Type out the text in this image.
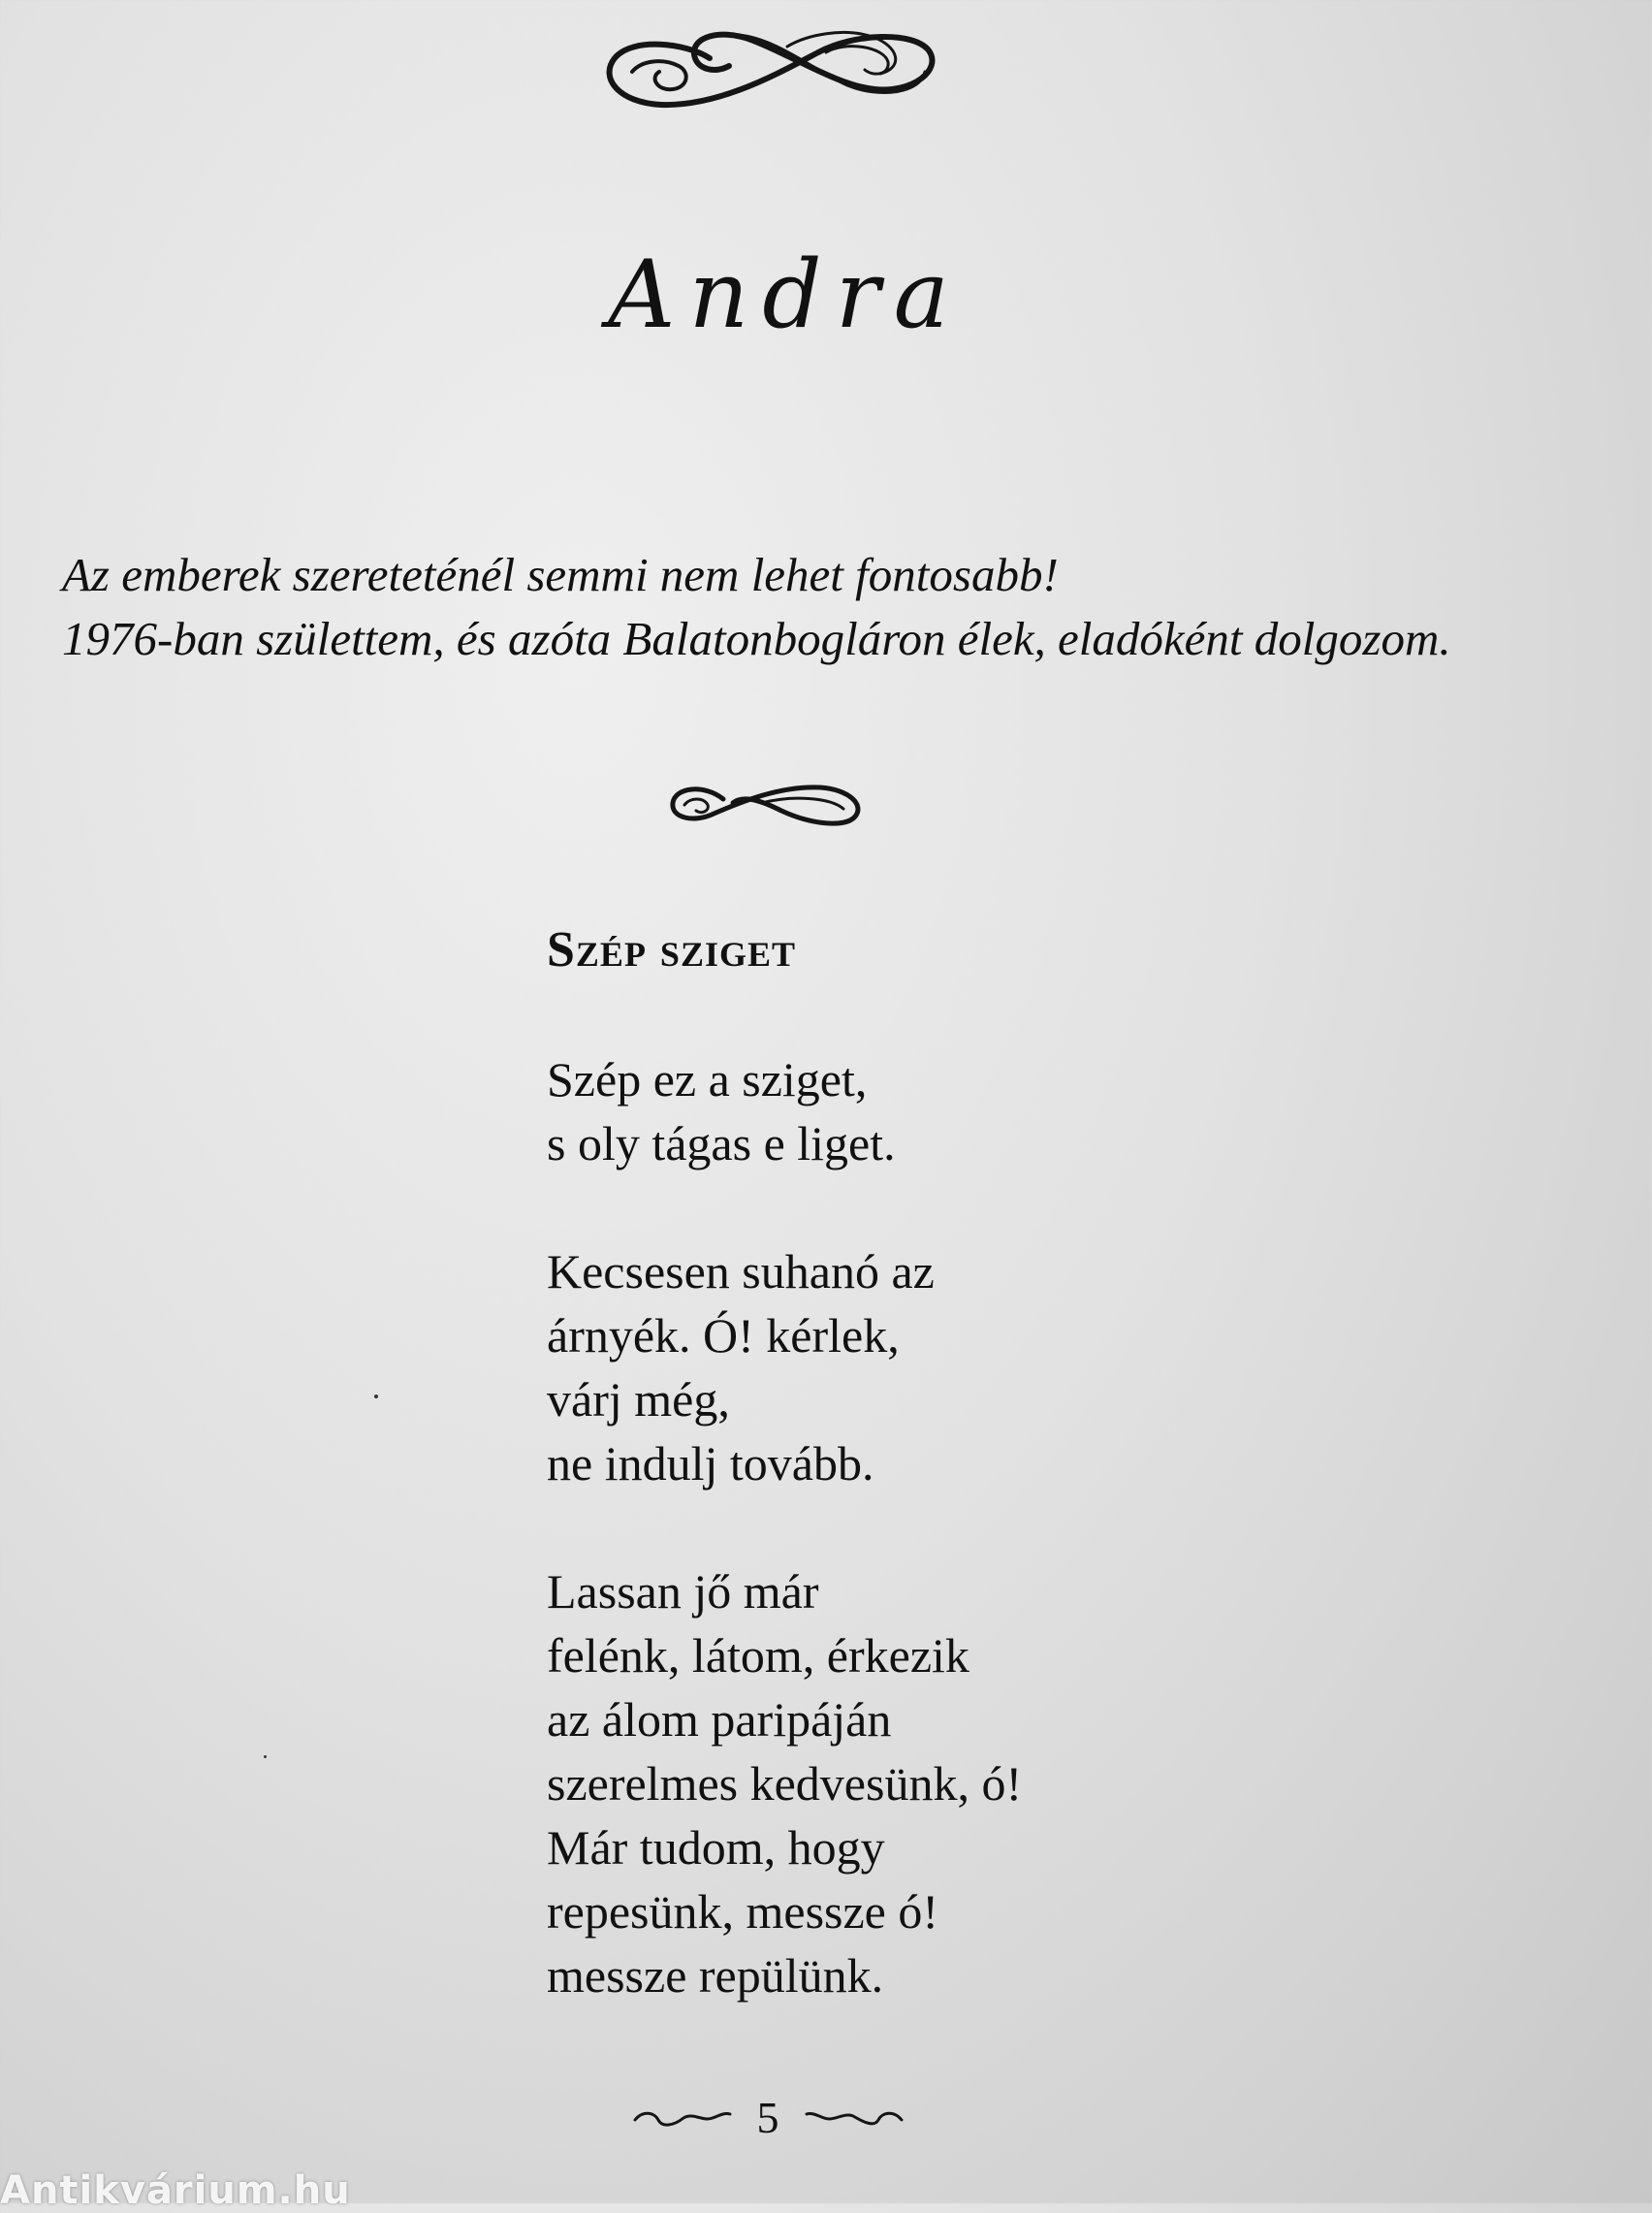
Andra
Az emberek szereteténél semmi nem lehet fontosabb!
1976-ban születtem, és azóta Balatonbogláron élek, eladóként dolgozom.
Szép sziget
Szép ez a sziget,
s oly tágas e liget.
Kecsesen suhanó az
árnyék. Ó! kérlek,
várj még,
ne indulj tovább.
Lassan jő már
felénk, látom, érkezik
az álom paripáján
szerelmes kedvesünk, ó!
Már tudom, hogy
repesünk, messze ó!
messze repülünk.
5
Antikvárium.hu
